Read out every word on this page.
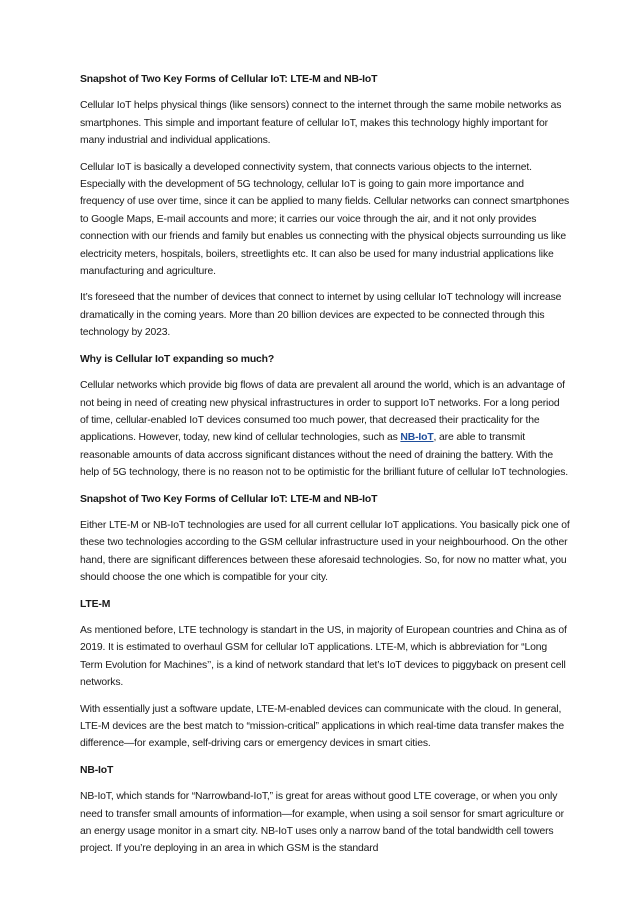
Snapshot of Two Key Forms of Cellular IoT: LTE-M and NB-IoT
Cellular IoT helps physical things (like sensors) connect to the internet through the same mobile networks as smartphones. This simple and important feature of cellular IoT, makes this technology highly important for many industrial and individual applications.
Cellular IoT is basically a developed connectivity system, that connects various objects to the internet. Especially with the development of 5G technology, cellular IoT is going to gain more importance and frequency of use over time, since it can be applied to many fields. Cellular networks can connect smartphones to Google Maps, E-mail accounts and more; it carries our voice through the air, and it not only provides connection with our friends and family but enables us connecting with the physical objects surrounding us like electricity meters, hospitals, boilers, streetlights etc. It can also be used for many industrial applications like manufacturing and agriculture.
It’s foreseed that the number of devices that connect to internet by using cellular IoT technology will increase dramatically in the coming years. More than 20 billion devices are expected to be connected through this technology by 2023.
Why is Cellular IoT expanding so much?
Cellular networks which provide big flows of data are prevalent all around the world, which is an advantage of not being in need of creating new physical infrastructures in order to support IoT networks. For a long period of time, cellular-enabled IoT devices consumed too much power, that decreased their practicality for the applications. However, today, new kind of cellular technologies, such as NB-IoT, are able to transmit reasonable amounts of data accross significant distances without the need of draining the battery. With the help of 5G technology, there is no reason not to be optimistic for the brilliant future of cellular IoT technologies.
Snapshot of Two Key Forms of Cellular IoT: LTE-M and NB-IoT
Either LTE-M or NB-IoT technologies are used for all current cellular IoT applications. You basically pick one of these two technologies according to the GSM cellular infrastructure used in your neighbourhood. On the other hand, there are significant differences between these aforesaid technologies. So, for now no matter what, you should choose the one which is compatible for your city.
LTE-M
As mentioned before, LTE technology is standart in the US, in majority of European countries and China as of 2019. It is estimated to overhaul GSM for cellular IoT applications. LTE-M, which is abbreviation for “Long Term Evolution for Machines’’, is a kind of network standard that let’s IoT devices to piggyback on present cell networks.
With essentially just a software update, LTE-M-enabled devices can communicate with the cloud. In general, LTE-M devices are the best match to “mission-critical” applications in which real-time data transfer makes the difference—for example, self-driving cars or emergency devices in smart cities.
NB-IoT
NB-IoT, which stands for “Narrowband-IoT,” is great for areas without good LTE coverage, or when you only need to transfer small amounts of information—for example, when using a soil sensor for smart agriculture or an energy usage monitor in a smart city. NB-IoT uses only a narrow band of the total bandwidth cell towers project. If you’re deploying in an area in which GSM is the standard
